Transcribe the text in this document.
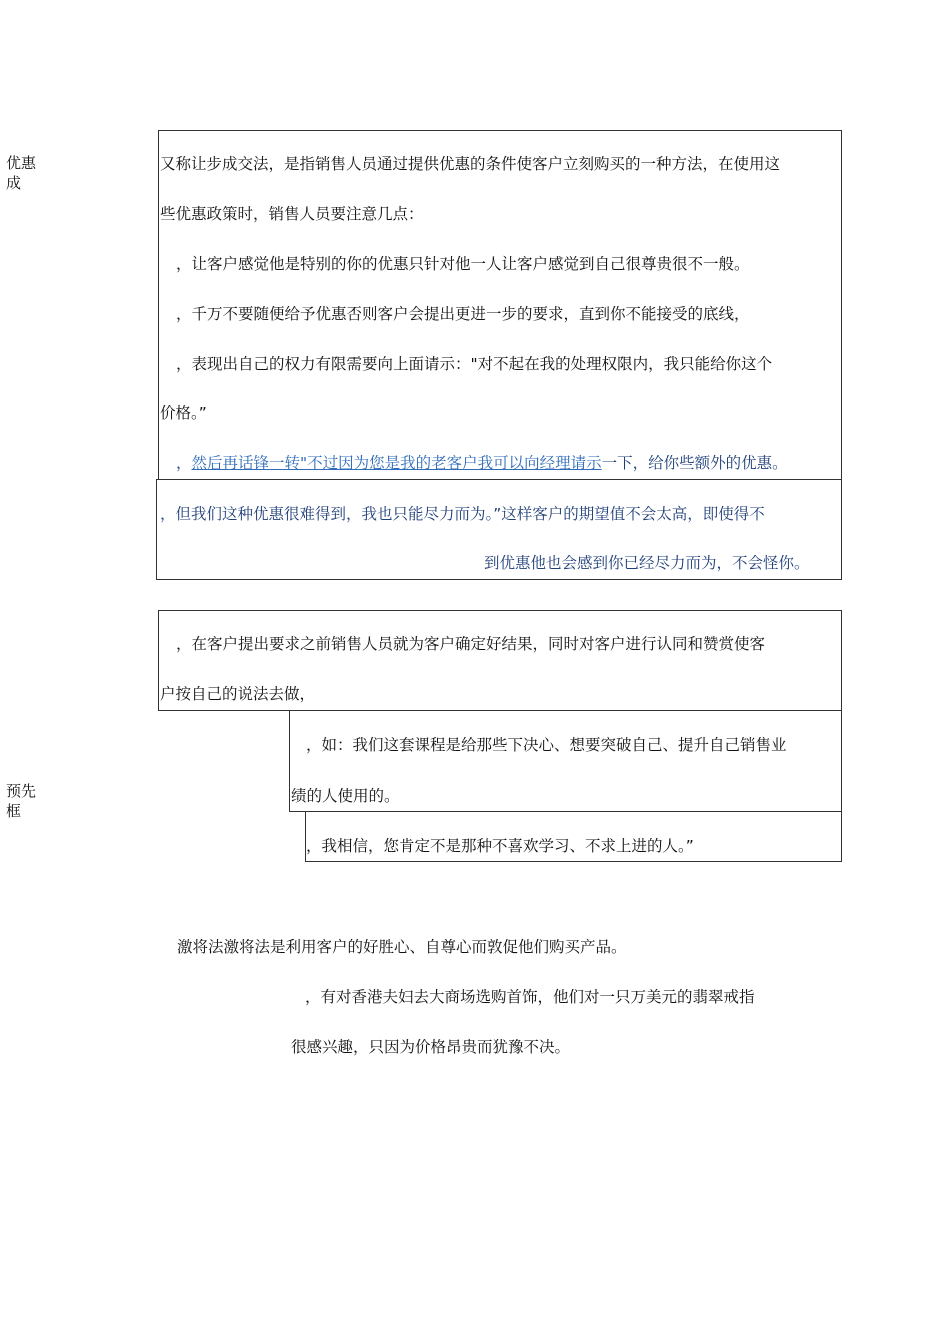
优惠
成
预先
框
又称让步成交法，是指销售人员通过提供优惠的条件使客户立刻购买的一种方法，在使用这
些优惠政策时，销售人员要注意几点：
，让客户感觉他是特别的你的优惠只针对他一人让客户感觉到自己很尊贵很不一般。
，千万不要随便给予优惠否则客户会提出更进一步的要求，直到你不能接受的底线，
，表现出自己的权力有限需要向上面请示："对不起在我的处理权限内，我只能给你这个
价格。”
，然后再话锋一转"不过因为您是我的老客户我可以向经理请示一下，给你些额外的优惠。
，但我们这种优惠很难得到，我也只能尽力而为。”这样客户的期望值不会太高，即使得不
到优惠他也会感到你已经尽力而为，不会怪你。
，在客户提出要求之前销售人员就为客户确定好结果，同时对客户进行认同和赞赏使客
户按自己的说法去做，
，如：我们这套课程是给那些下决心、想要突破自己、提升自己销售业
绩的人使用的。
，我相信，您肯定不是那种不喜欢学习、不求上进的人。”
激将法激将法是利用客户的好胜心、自尊心而敦促他们购买产品。
，有对香港夫妇去大商场选购首饰，他们对一只万美元的翡翠戒指
很感兴趣，只因为价格昂贵而犹豫不决。
